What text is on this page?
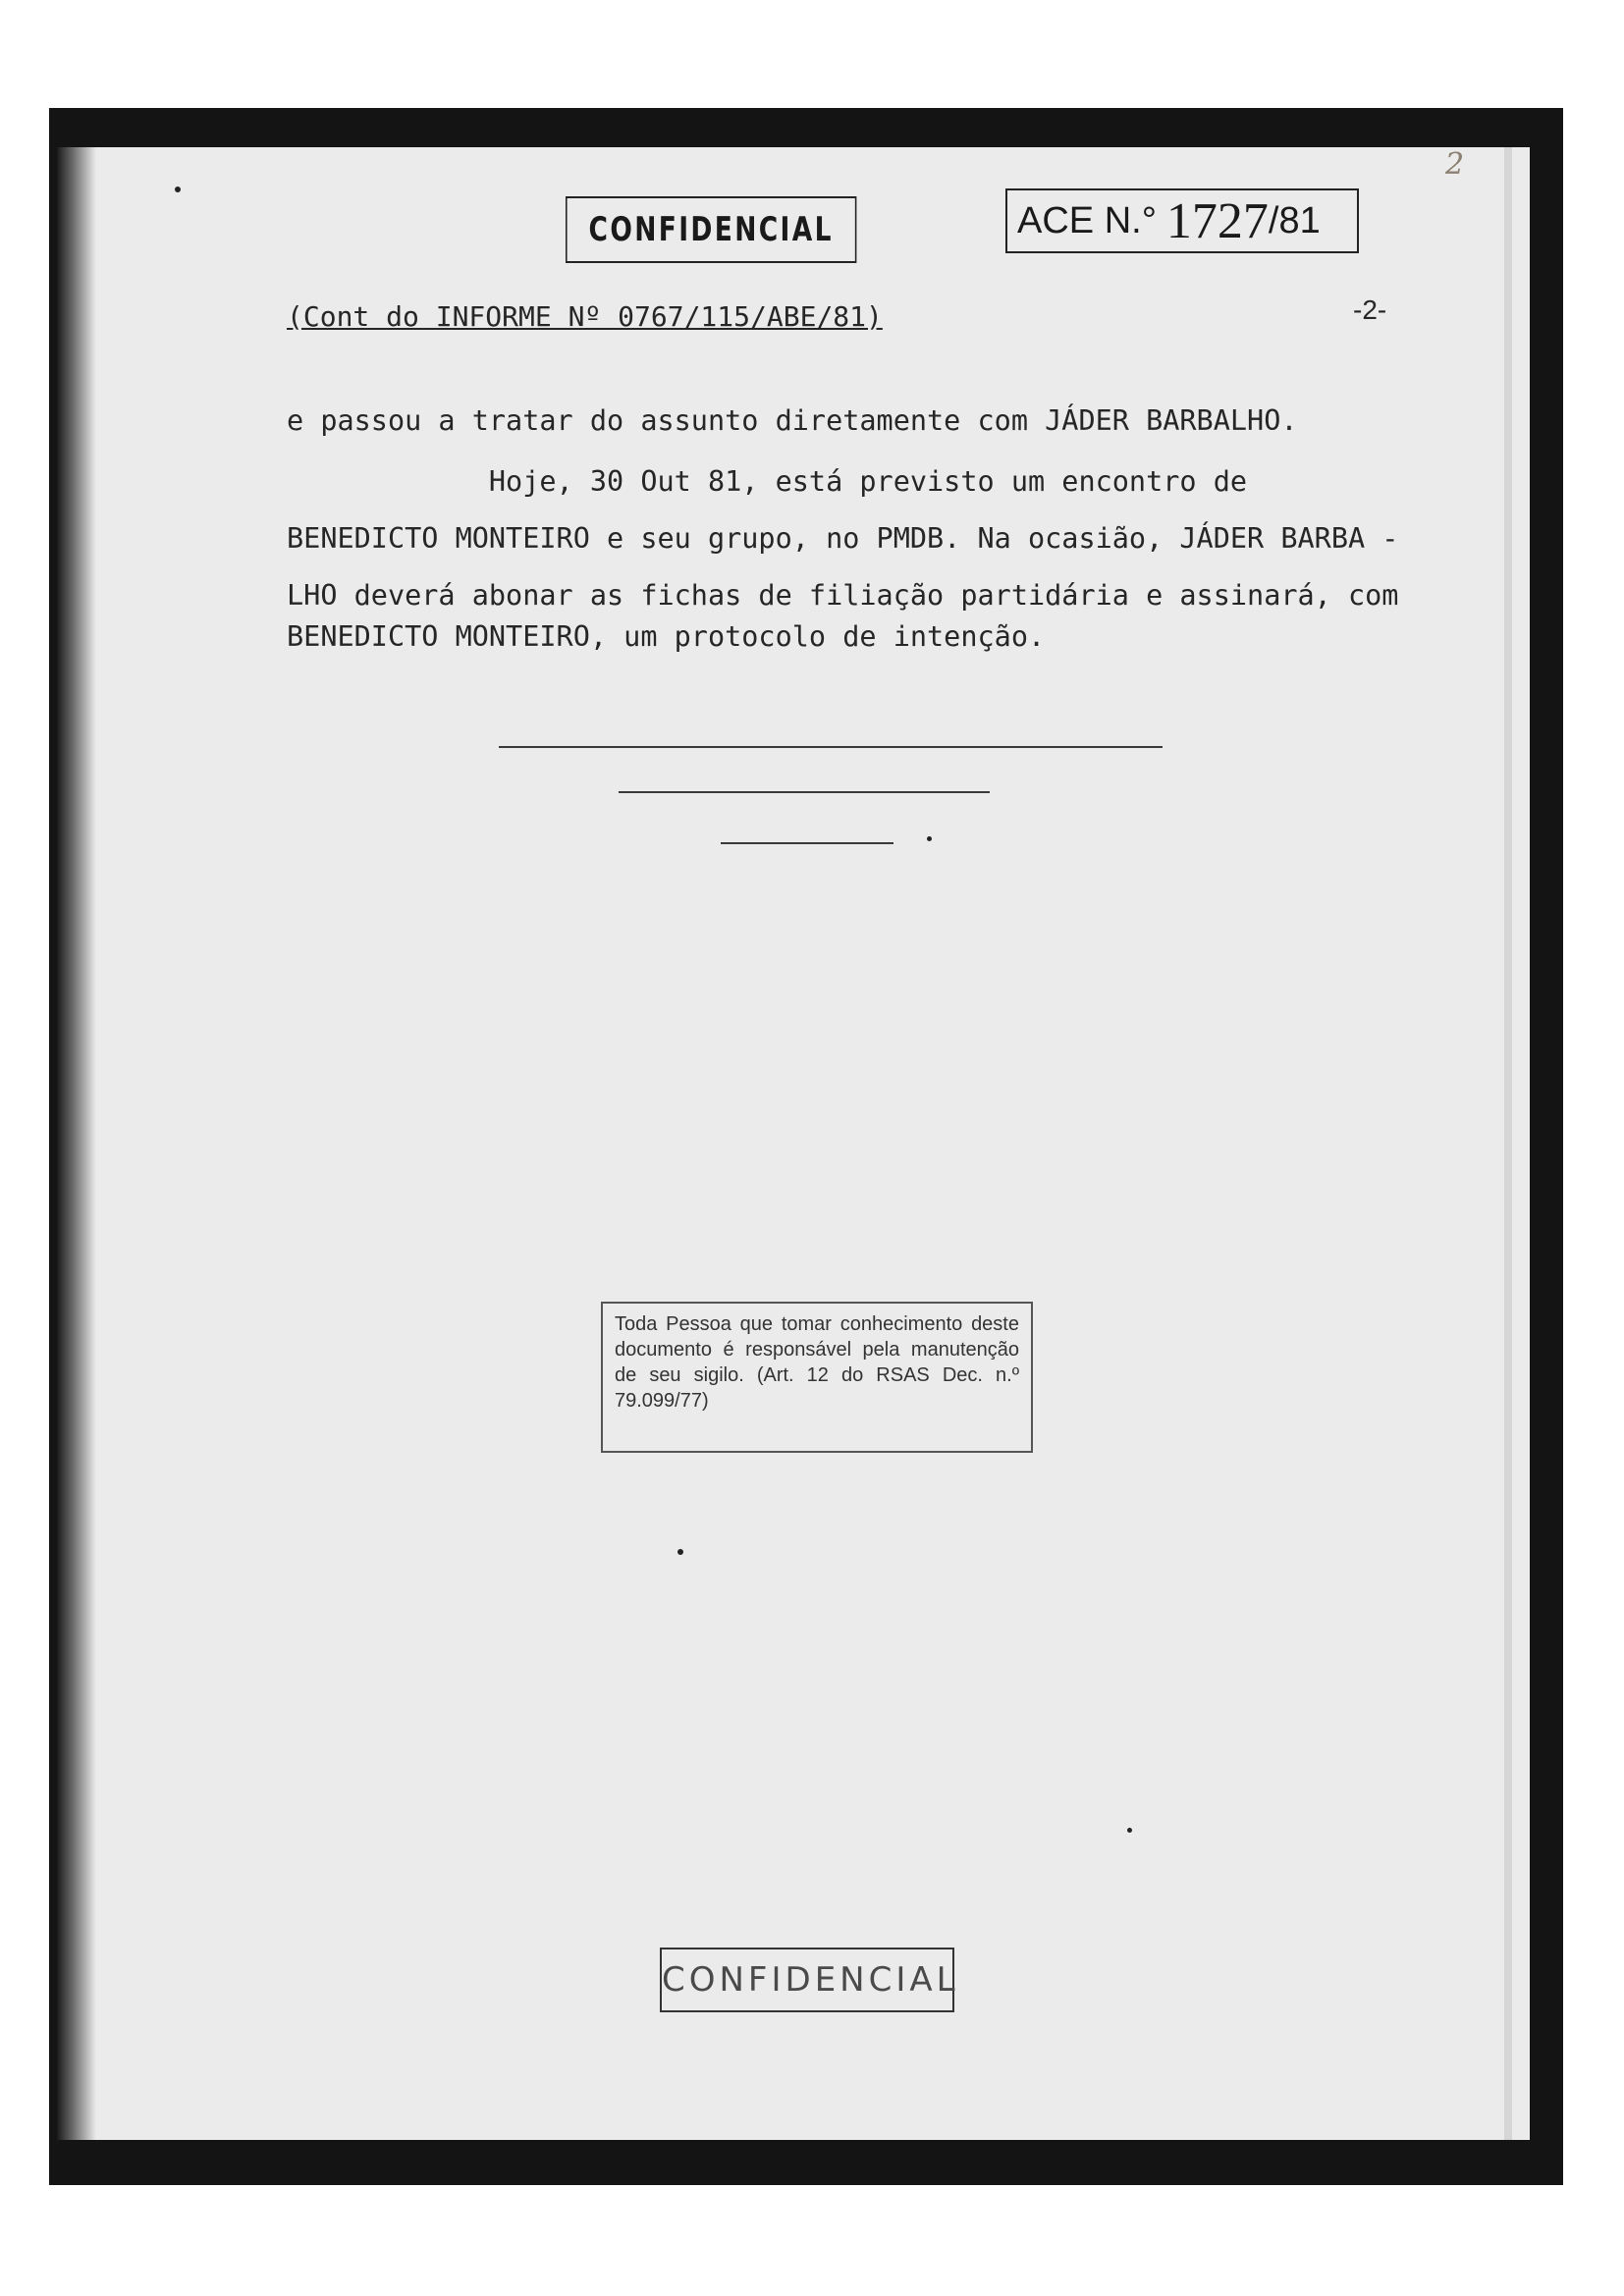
2
CONFIDENCIAL	ACE N.° 1727 /81
(Cont do INFORME Nº 0767/115/ABE/81)	-2-
e passou a tratar do assunto diretamente com JÁDER BARBALHO.
Hoje, 30 Out 81, está previsto um encontro de
BENEDICTO MONTEIRO e seu grupo, no PMDB. Na ocasião, JÁDER BARBA -
LHO deverá abonar as fichas de filiação partidária e assinará, com
BENEDICTO MONTEIRO, um protocolo de intenção.
Toda Pessoa que tomar conhecimento deste documento é responsável pela manutenção de seu sigilo. (Art. 12 do RSAS Dec. n.º 79.099/77)
CONFIDENCIAL
